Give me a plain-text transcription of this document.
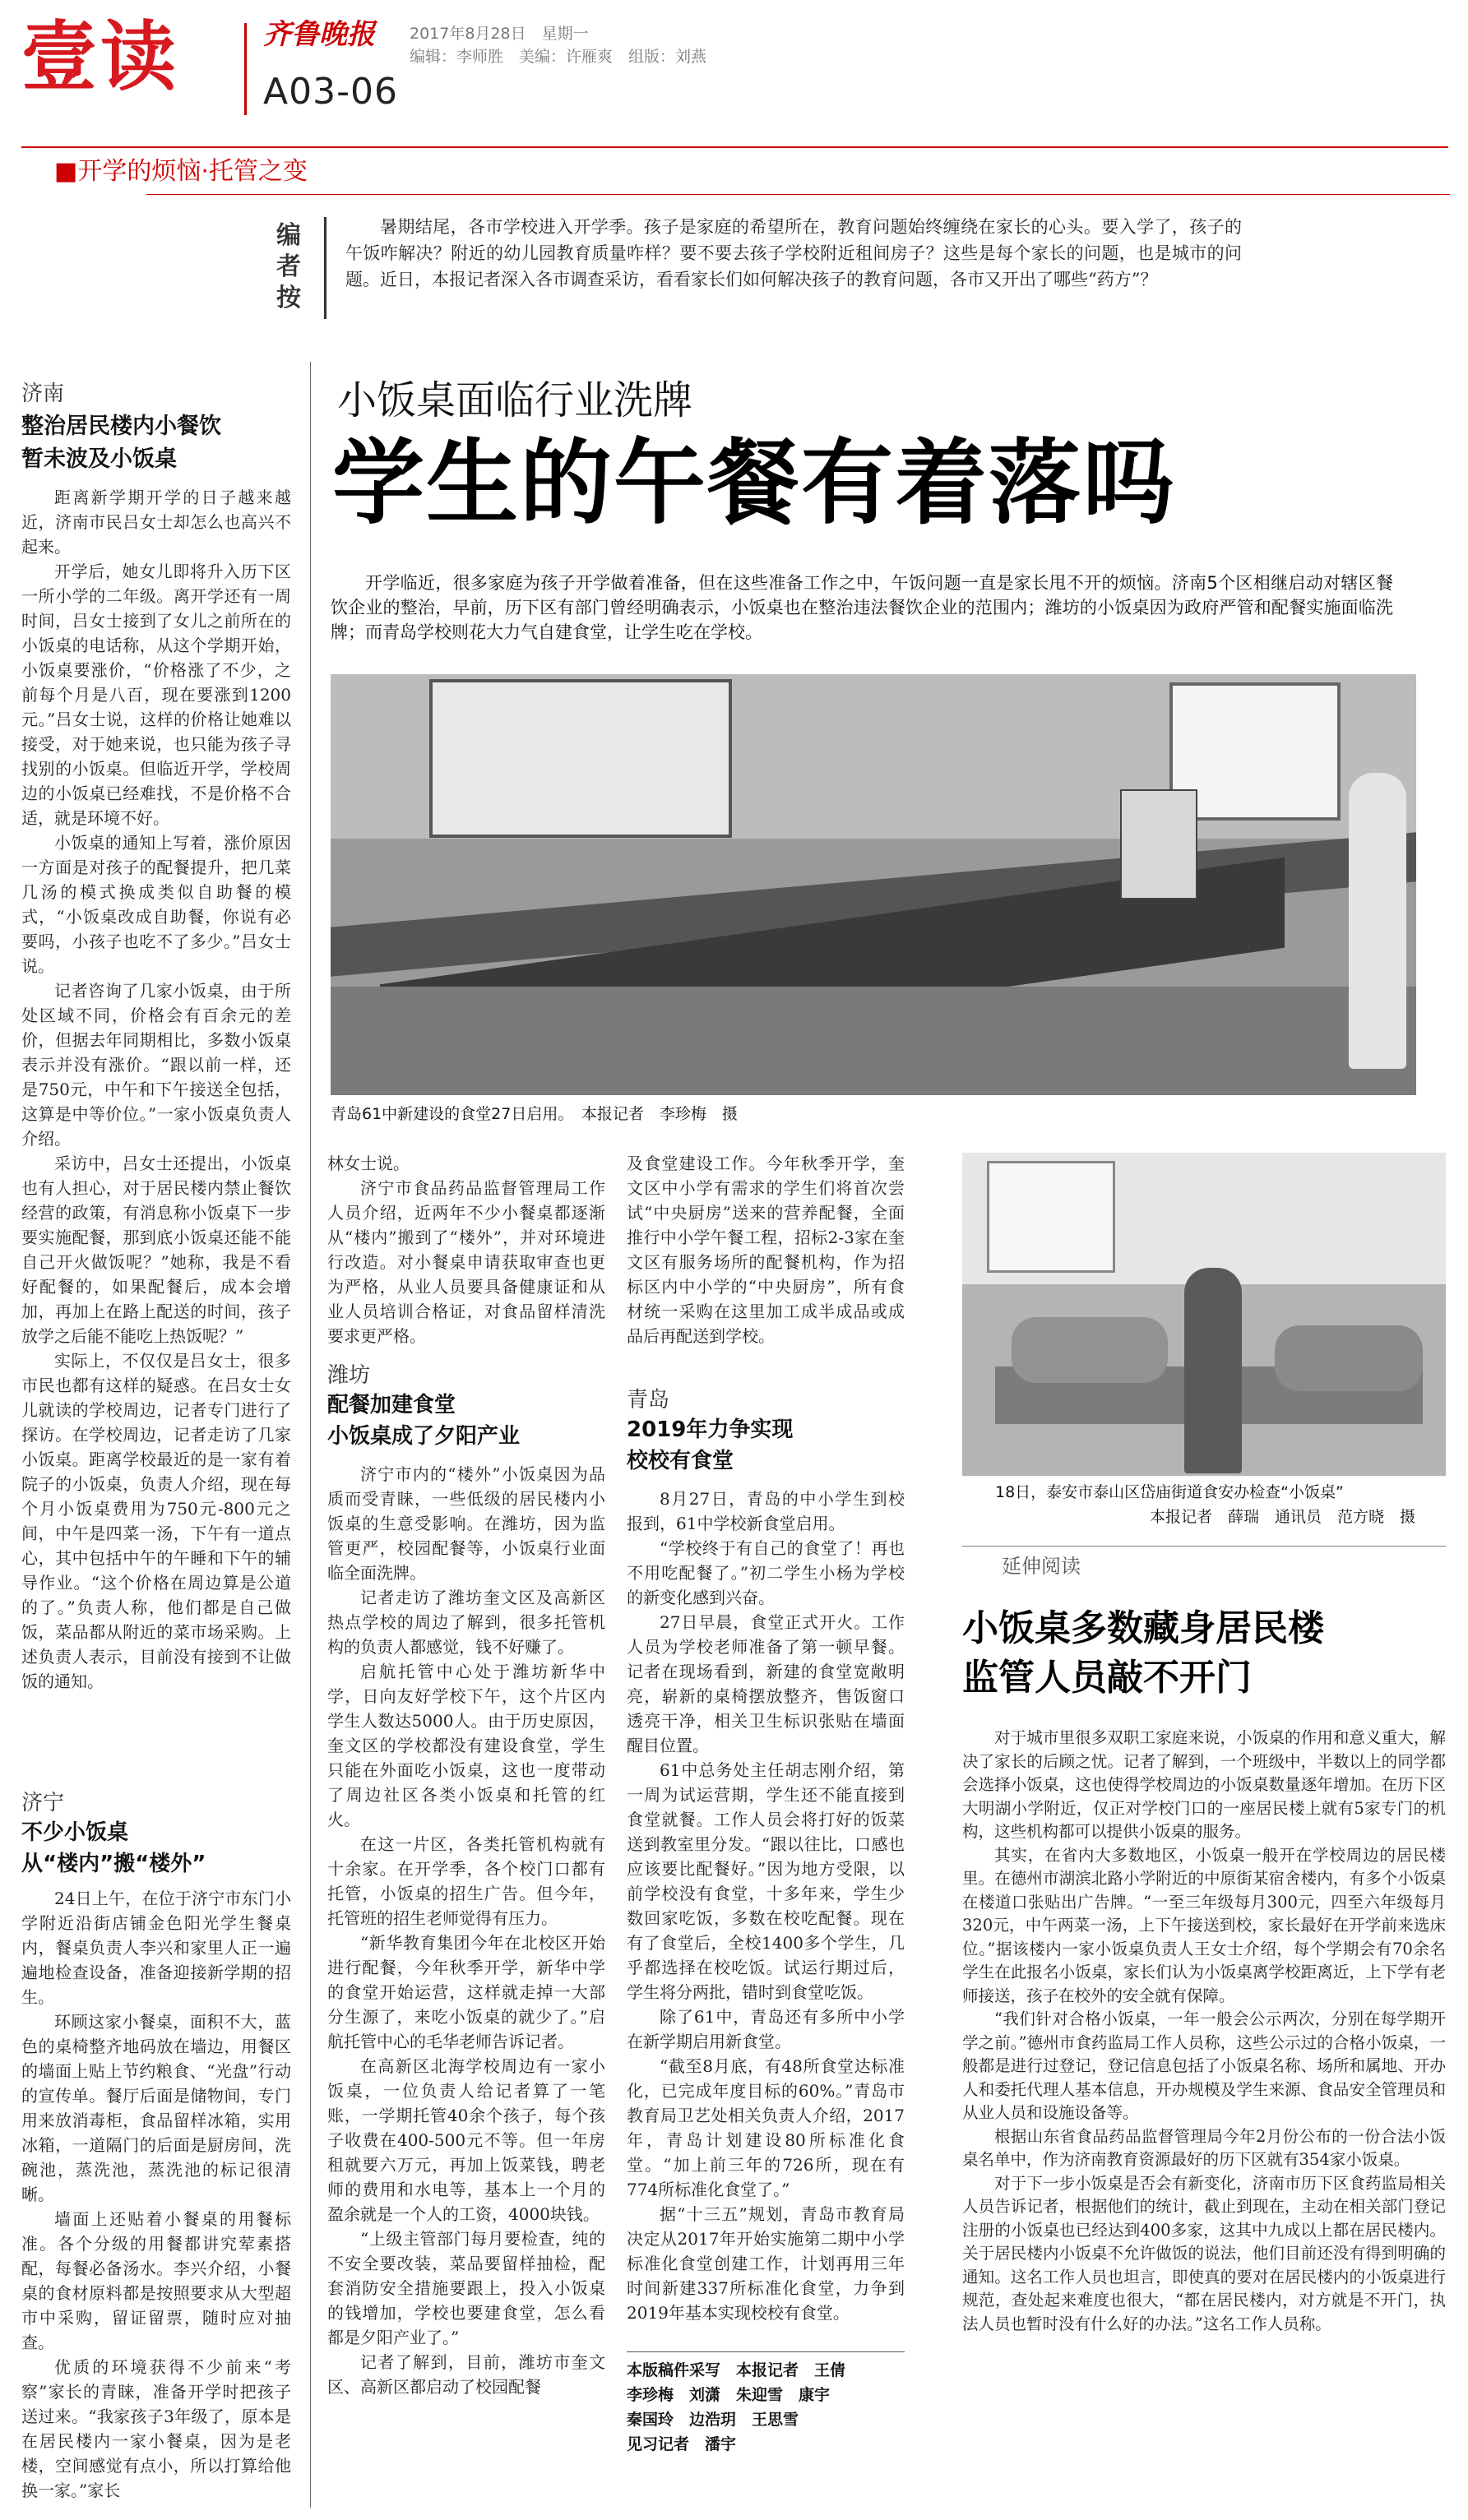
壹读	齐鲁晚报 2017年8月28日　星期一
编辑：李师胜　美编：许雁爽　组版：刘燕
A03-06
■开学的烦恼·托管之变
编者按
暑期结尾，各市学校进入开学季。孩子是家庭的希望所在，教育问题始终缠绕在家长的心头。要入学了，孩子的午饭咋解决？附近的幼儿园教育质量咋样？要不要去孩子学校附近租间房子？这些是每个家长的问题，也是城市的问题。近日，本报记者深入各市调查采访，看看家长们如何解决孩子的教育问题，各市又开出了哪些“药方”？
小饭桌面临行业洗牌
学生的午餐有着落吗
开学临近，很多家庭为孩子开学做着准备，但在这些准备工作之中，午饭问题一直是家长甩不开的烦恼。济南5个区相继启动对辖区餐饮企业的整治，早前，历下区有部门曾经明确表示，小饭桌也在整治违法餐饮企业的范围内；潍坊的小饭桌因为政府严管和配餐实施面临洗牌；而青岛学校则花大力气自建食堂，让学生吃在学校。
青岛61中新建设的食堂27日启用。　本报记者　李珍梅　摄
济南
整治居民楼内小餐饮
暂未波及小饭桌

距离新学期开学的日子越来越近，济南市民吕女士却怎么也高兴不起来。

开学后，她女儿即将升入历下区一所小学的二年级。离开学还有一周时间，吕女士接到了女儿之前所在的小饭桌的电话称，从这个学期开始，小饭桌要涨价，“价格涨了不少，之前每个月是八百，现在要涨到1200元。”吕女士说，这样的价格让她难以接受，对于她来说，也只能为孩子寻找别的小饭桌。但临近开学，学校周边的小饭桌已经难找，不是价格不合适，就是环境不好。

小饭桌的通知上写着，涨价原因一方面是对孩子的配餐提升，把几菜几汤的模式换成类似自助餐的模式，“小饭桌改成自助餐，你说有必要吗，小孩子也吃不了多少。”吕女士说。

记者咨询了几家小饭桌，由于所处区域不同，价格会有百余元的差价，但据去年同期相比，多数小饭桌表示并没有涨价。“跟以前一样，还是750元，中午和下午接送全包括，这算是中等价位。”一家小饭桌负责人介绍。

采访中，吕女士还提出，小饭桌也有人担心，对于居民楼内禁止餐饮经营的政策，有消息称小饭桌下一步要实施配餐，那到底小饭桌还能不能自己开火做饭呢？”她称，我是不看好配餐的，如果配餐后，成本会增加，再加上在路上配送的时间，孩子放学之后能不能吃上热饭呢？”

实际上，不仅仅是吕女士，很多市民也都有这样的疑惑。在吕女士女儿就读的学校周边，记者专门进行了探访。在学校周边，记者走访了几家小饭桌。距离学校最近的是一家有着院子的小饭桌，负责人介绍，现在每个月小饭桌费用为750元-800元之间，中午是四菜一汤，下午有一道点心，其中包括中午的午睡和下午的辅导作业。“这个价格在周边算是公道的了。”负责人称，他们都是自己做饭，菜品都从附近的菜市场采购。上述负责人表示，目前没有接到不让做饭的通知。

济宁
不少小饭桌
从“楼内”搬“楼外”

24日上午，在位于济宁市东门小学附近沿街店铺金色阳光学生餐桌内，餐桌负责人李兴和家里人正一遍遍地检查设备，准备迎接新学期的招生。

环顾这家小餐桌，面积不大，蓝色的桌椅整齐地码放在墙边，用餐区的墙面上贴上节约粮食、“光盘”行动的宣传单。餐厅后面是储物间，专门用来放消毒柜，食品留样冰箱，实用冰箱，一道隔门的后面是厨房间，洗碗池，蒸洗池，蒸洗池的标记很清晰。

墙面上还贴着小餐桌的用餐标准。各个分级的用餐都讲究荤素搭配，每餐必备汤水。李兴介绍，小餐桌的食材原料都是按照要求从大型超市中采购，留证留票，随时应对抽查。

优质的环境获得不少前来“考察”家长的青睐，准备开学时把孩子送过来。“我家孩子3年级了，原本是在居民楼内一家小餐桌，因为是老楼，空间感觉有点小，所以打算给他换一家。”家长

林女士说。

济宁市食品药品监督管理局工作人员介绍，近两年不少小餐桌都逐渐从“楼内”搬到了“楼外”，并对环境进行改造。对小餐桌申请获取审查也更为严格，从业人员要具备健康证和从业人员培训合格证，对食品留样清洗要求更严格。

潍坊
配餐加建食堂
小饭桌成了夕阳产业

济宁市内的“楼外”小饭桌因为品质而受青睐，一些低级的居民楼内小饭桌的生意受影响。在潍坊，因为监管更严，校园配餐等，小饭桌行业面临全面洗牌。

记者走访了潍坊奎文区及高新区热点学校的周边了解到，很多托管机构的负责人都感觉，钱不好赚了。

启航托管中心处于潍坊新华中学，日向友好学校下午，这个片区内学生人数达5000人。由于历史原因，奎文区的学校都没有建设食堂，学生只能在外面吃小饭桌，这也一度带动了周边社区各类小饭桌和托管的红火。

在这一片区，各类托管机构就有十余家。在开学季，各个校门口都有托管，小饭桌的招生广告。但今年，托管班的招生老师觉得有压力。

“新华教育集团今年在北校区开始进行配餐，今年秋季开学，新华中学的食堂开始运营，这样就走掉一大部分生源了，来吃小饭桌的就少了。”启航托管中心的毛华老师告诉记者。

在高新区北海学校周边有一家小饭桌，一位负责人给记者算了一笔账，一学期托管40余个孩子，每个孩子收费在400-500元不等。但一年房租就要六万元，再加上饭菜钱，聘老师的费用和水电等，基本上一个月的盈余就是一个人的工资，4000块钱。

“上级主管部门每月要检查，纯的不安全要改装，菜品要留样抽检，配套消防安全措施要跟上，投入小饭桌的钱增加，学校也要建食堂，怎么看都是夕阳产业了。”

记者了解到，目前，潍坊市奎文区、高新区都启动了校园配餐

及食堂建设工作。今年秋季开学，奎文区中小学有需求的学生们将首次尝试“中央厨房”送来的营养配餐，全面推行中小学午餐工程，招标2-3家在奎文区有服务场所的配餐机构，作为招标区内中小学的“中央厨房”，所有食材统一采购在这里加工成半成品或成品后再配送到学校。

青岛
2019年力争实现
校校有食堂

8月27日，青岛的中小学生到校报到，61中学校新食堂启用。

“学校终于有自己的食堂了！再也不用吃配餐了。”初二学生小杨为学校的新变化感到兴奋。

27日早晨，食堂正式开火。工作人员为学校老师准备了第一顿早餐。记者在现场看到，新建的食堂宽敞明亮，崭新的桌椅摆放整齐，售饭窗口透亮干净，相关卫生标识张贴在墙面醒目位置。

61中总务处主任胡志刚介绍，第一周为试运营期，学生还不能直接到食堂就餐。工作人员会将打好的饭菜送到教室里分发。“跟以往比，口感也应该要比配餐好。”因为地方受限，以前学校没有食堂，十多年来，学生少数回家吃饭，多数在校吃配餐。现在有了食堂后，全校1400多个学生，几乎都选择在校吃饭。试运行期过后，学生将分两批，错时到食堂吃饭。

除了61中，青岛还有多所中小学在新学期启用新食堂。

“截至8月底，有48所食堂达标准化，已完成年度目标的60%。”青岛市教育局卫艺处相关负责人介绍，2017年，青岛计划建设80所标准化食堂。“加上前三年的726所，现在有774所标准化食堂了。”

据“十三五”规划，青岛市教育局决定从2017年开始实施第二期中小学标准化食堂创建工作，计划再用三年时间新建337所标准化食堂，力争到2019年基本实现校校有食堂。

本版稿件采写　本报记者　王倩
李珍梅　刘潇　朱迎雪　康宇
秦国玲　边浩玥　王思雪
见习记者　潘宇
18日，泰安市泰山区岱庙街道食安办检查“小饭桌”
本报记者　薛瑞　通讯员　范方晓　摄
延伸阅读
小饭桌多数藏身居民楼
监管人员敲不开门

对于城市里很多双职工家庭来说，小饭桌的作用和意义重大，解决了家长的后顾之忧。记者了解到，一个班级中，半数以上的同学都会选择小饭桌，这也使得学校周边的小饭桌数量逐年增加。在历下区大明湖小学附近，仅正对学校门口的一座居民楼上就有5家专门的机构，这些机构都可以提供小饭桌的服务。

其实，在省内大多数地区，小饭桌一般开在学校周边的居民楼里。在德州市湖滨北路小学附近的中原街某宿舍楼内，有多个小饭桌在楼道口张贴出广告牌。“一至三年级每月300元，四至六年级每月320元，中午两菜一汤，上下午接送到校，家长最好在开学前来选床位。”据该楼内一家小饭桌负责人王女士介绍，每个学期会有70余名学生在此报名小饭桌，家长们认为小饭桌离学校距离近，上下学有老师接送，孩子在校外的安全就有保障。

“我们针对合格小饭桌，一年一般会公示两次，分别在每学期开学之前。”德州市食药监局工作人员称，这些公示过的合格小饭桌，一般都是进行过登记，登记信息包括了小饭桌名称、场所和属地、开办人和委托代理人基本信息，开办规模及学生来源、食品安全管理员和从业人员和设施设备等。

根据山东省食品药品监督管理局今年2月份公布的一份合法小饭桌名单中，作为济南教育资源最好的历下区就有354家小饭桌。

对于下一步小饭桌是否会有新变化，济南市历下区食药监局相关人员告诉记者，根据他们的统计，截止到现在，主动在相关部门登记注册的小饭桌也已经达到400多家，这其中九成以上都在居民楼内。关于居民楼内小饭桌不允许做饭的说法，他们目前还没有得到明确的通知。这名工作人员也坦言，即使真的要对在居民楼内的小饭桌进行规范，查处起来难度也很大，“都在居民楼内，对方就是不开门，执法人员也暂时没有什么好的办法。”这名工作人员称。
